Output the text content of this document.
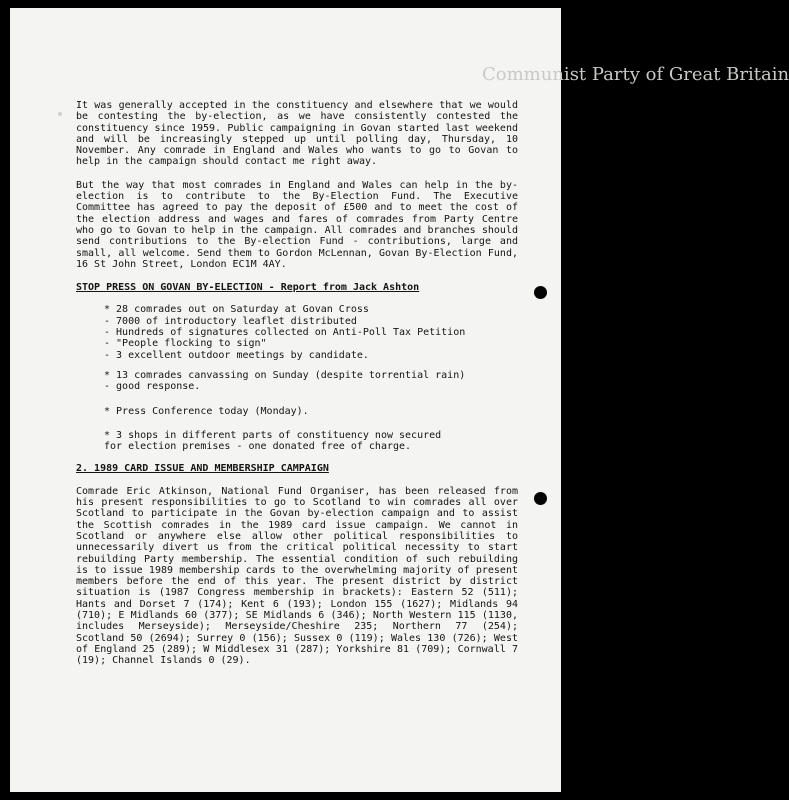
Communist Party of Great Britain

It was generally accepted in the constituency and elsewhere that we would be contesting the by-election, as we have consistently contested the constituency since 1959. Public campaigning in Govan started last weekend and will be increasingly stepped up until polling day, Thursday, 10 November. Any comrade in England and Wales who wants to go to Govan to help in the campaign should contact me right away.

But the way that most comrades in England and Wales can help in the by-election is to contribute to the By-Election Fund. The Executive Committee has agreed to pay the deposit of £500 and to meet the cost of the election address and wages and fares of comrades from Party Centre who go to Govan to help in the campaign. All comrades and branches should send contributions to the By-election Fund - contributions, large and small, all welcome. Send them to Gordon McLennan, Govan By-Election Fund, 16 St John Street, London EC1M 4AY.

STOP PRESS ON GOVAN BY-ELECTION - Report from Jack Ashton
* 28 comrades out on Saturday at Govan Cross
- 7000 of introductory leaflet distributed
- Hundreds of signatures collected on Anti-Poll Tax Petition
- "People flocking to sign"
- 3 excellent outdoor meetings by candidate.
* 13 comrades canvassing on Sunday (despite torrential rain)
- good response.
* Press Conference today (Monday).
* 3 shops in different parts of constituency now secured
for election premises - one donated free of charge.
2. 1989 CARD ISSUE AND MEMBERSHIP CAMPAIGN

Comrade Eric Atkinson, National Fund Organiser, has been released from his present responsibilities to go to Scotland to win comrades all over Scotland to participate in the Govan by-election campaign and to assist the Scottish comrades in the 1989 card issue campaign. We cannot in Scotland or anywhere else allow other political responsibilities to unnecessarily divert us from the critical political necessity to start rebuilding Party membership. The essential condition of such rebuilding is to issue 1989 membership cards to the overwhelming majority of present members before the end of this year. The present district by district situation is (1987 Congress membership in brackets): Eastern 52 (511); Hants and Dorset 7 (174); Kent 6 (193); London 155 (1627); Midlands 94 (710); E Midlands 60 (377); SE Midlands 6 (346); North Western 115 (1130, includes Merseyside); Merseyside/Cheshire 235; Northern 77 (254); Scotland 50 (2694); Surrey 0 (156); Sussex 0 (119); Wales 130 (726); West of England 25 (289); W Middlesex 31 (287); Yorkshire 81 (709); Cornwall 7 (19); Channel Islands 0 (29).
